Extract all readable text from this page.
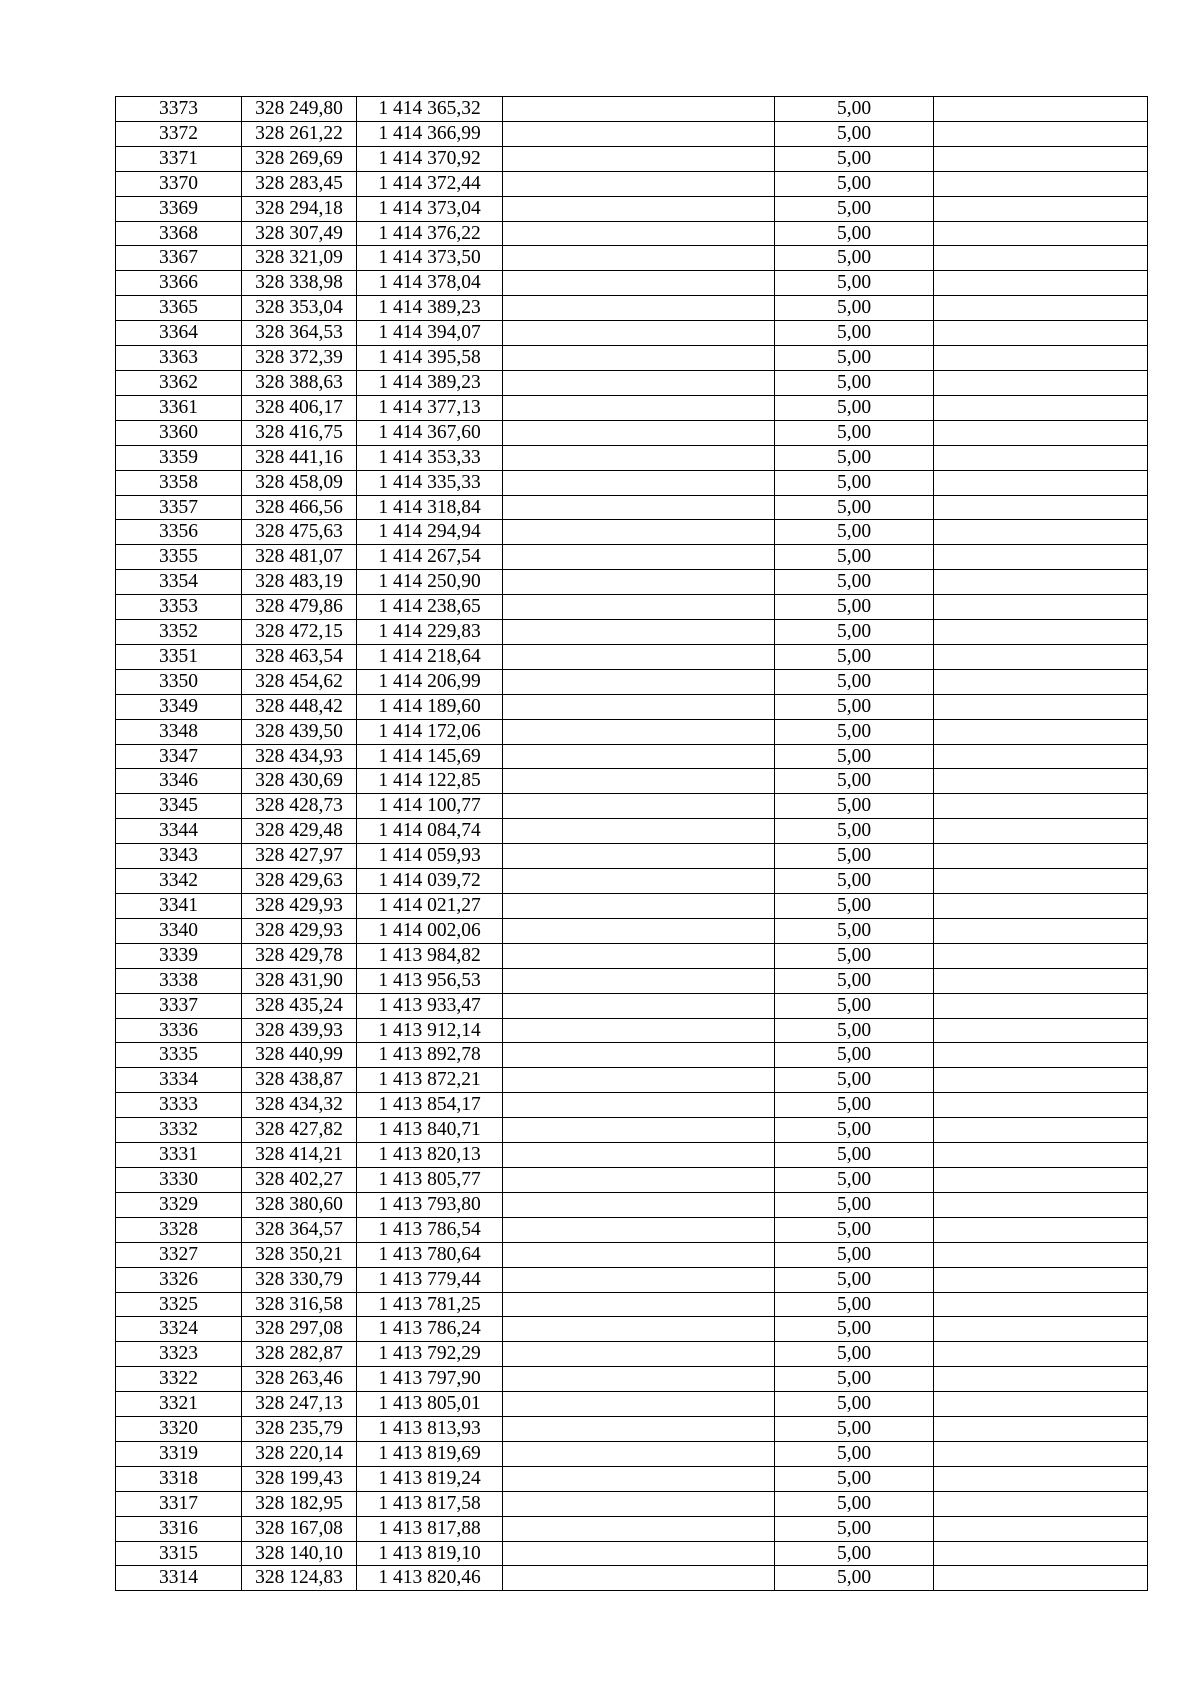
3373	328 249,80	1 414 365,32		5,00	
3372	328 261,22	1 414 366,99		5,00	
3371	328 269,69	1 414 370,92		5,00	
3370	328 283,45	1 414 372,44		5,00	
3369	328 294,18	1 414 373,04		5,00	
3368	328 307,49	1 414 376,22		5,00	
3367	328 321,09	1 414 373,50		5,00	
3366	328 338,98	1 414 378,04		5,00	
3365	328 353,04	1 414 389,23		5,00	
3364	328 364,53	1 414 394,07		5,00	
3363	328 372,39	1 414 395,58		5,00	
3362	328 388,63	1 414 389,23		5,00	
3361	328 406,17	1 414 377,13		5,00	
3360	328 416,75	1 414 367,60		5,00	
3359	328 441,16	1 414 353,33		5,00	
3358	328 458,09	1 414 335,33		5,00	
3357	328 466,56	1 414 318,84		5,00	
3356	328 475,63	1 414 294,94		5,00	
3355	328 481,07	1 414 267,54		5,00	
3354	328 483,19	1 414 250,90		5,00	
3353	328 479,86	1 414 238,65		5,00	
3352	328 472,15	1 414 229,83		5,00	
3351	328 463,54	1 414 218,64		5,00	
3350	328 454,62	1 414 206,99		5,00	
3349	328 448,42	1 414 189,60		5,00	
3348	328 439,50	1 414 172,06		5,00	
3347	328 434,93	1 414 145,69		5,00	
3346	328 430,69	1 414 122,85		5,00	
3345	328 428,73	1 414 100,77		5,00	
3344	328 429,48	1 414 084,74		5,00	
3343	328 427,97	1 414 059,93		5,00	
3342	328 429,63	1 414 039,72		5,00	
3341	328 429,93	1 414 021,27		5,00	
3340	328 429,93	1 414 002,06		5,00	
3339	328 429,78	1 413 984,82		5,00	
3338	328 431,90	1 413 956,53		5,00	
3337	328 435,24	1 413 933,47		5,00	
3336	328 439,93	1 413 912,14		5,00	
3335	328 440,99	1 413 892,78		5,00	
3334	328 438,87	1 413 872,21		5,00	
3333	328 434,32	1 413 854,17		5,00	
3332	328 427,82	1 413 840,71		5,00	
3331	328 414,21	1 413 820,13		5,00	
3330	328 402,27	1 413 805,77		5,00	
3329	328 380,60	1 413 793,80		5,00	
3328	328 364,57	1 413 786,54		5,00	
3327	328 350,21	1 413 780,64		5,00	
3326	328 330,79	1 413 779,44		5,00	
3325	328 316,58	1 413 781,25		5,00	
3324	328 297,08	1 413 786,24		5,00	
3323	328 282,87	1 413 792,29		5,00	
3322	328 263,46	1 413 797,90		5,00	
3321	328 247,13	1 413 805,01		5,00	
3320	328 235,79	1 413 813,93		5,00	
3319	328 220,14	1 413 819,69		5,00	
3318	328 199,43	1 413 819,24		5,00	
3317	328 182,95	1 413 817,58		5,00	
3316	328 167,08	1 413 817,88		5,00	
3315	328 140,10	1 413 819,10		5,00	
3314	328 124,83	1 413 820,46		5,00	
